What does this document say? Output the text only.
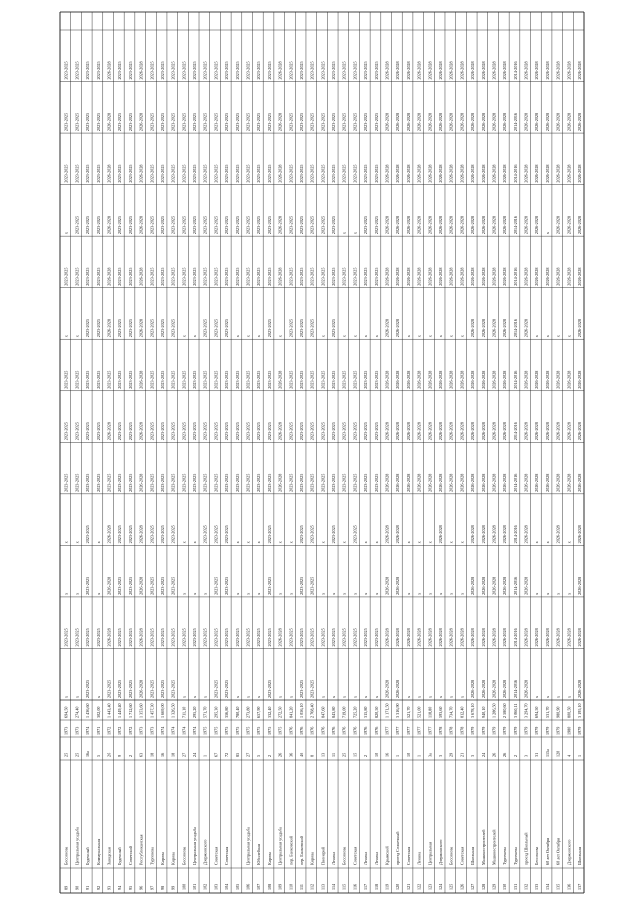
89
Бессонова
25
1973
694,50
x
2023-2025
x
x
2023-2025
2023-2025
2023-2025
x
2023-2025
x
2023-2025
2023-2025
2023-2025
90
Центральная усадьба
25
1973
274,40
x
2023-2025
x
x
2023-2025
2023-2025
2023-2025
x
2023-2025
2023-2025
2023-2025
2023-2025
2023-2025
91
Буденный
16а
1974
1 436,60
2023-2025
2023-2025
2023-2025
2023-2025
2023-2025
2023-2025
2023-2025
2023-2025
2023-2025
2023-2025
2023-2025
2023-2025
2023-2025
92
Коммунальная
5
1971
302,00
x
2023-2025
x
x
2023-2025
2023-2025
2023-2025
2023-2025
2023-2025
2023-2025
2023-2025
2023-2025
2023-2025
93
Заводская
2б
1972
1 443,40
2023-2025
2026-2028
2026-2028
2026-2028
2023-2025
2026-2028
2023-2025
2026-2028
2026-2028
2026-2028
2026-2028
2026-2028
2026-2028
94
Буденный
9
1972
1 449,40
2023-2025
2023-2025
2023-2025
2023-2025
2023-2025
2023-2025
2023-2025
2023-2025
2023-2025
2023-2025
2023-2025
2023-2025
2023-2025
95
Советский
2
1972
1 712,60
2023-2025
2023-2025
2023-2025
2023-2025
2023-2025
2023-2025
2023-2025
2023-2025
2023-2025
2023-2025
2023-2025
2023-2025
2023-2025
96
Республиканская
63
1973
1 353,60
2026-2028
2026-2028
2026-2028
2026-2028
2026-2028
2026-2028
2026-2028
2026-2028
2026-2028
2026-2028
2026-2028
2026-2028
2026-2028
97
Тургенева
18
1973
1 457,30
2023-2025
2023-2025
2023-2025
2023-2025
2023-2025
2023-2025
2023-2025
2023-2025
2023-2025
2023-2025
2023-2025
2023-2025
2023-2025
98
Кирова
16
1974
1 669,00
2023-2025
2023-2025
2023-2025
2023-2025
2023-2025
2023-2025
2023-2025
2023-2025
2023-2025
2023-2025
2023-2025
2023-2025
2023-2025
99
Кирова
18
1974
1 326,50
2023-2025
2023-2025
2023-2025
2023-2025
2023-2025
2023-2025
2023-2025
2023-2025
2023-2025
2023-2025
2023-2025
2023-2025
2023-2025
100
Бессонова
27
1974
711,10
x
2023-2025
x
x
2023-2025
2023-2025
2023-2025
x
2023-2025
2023-2025
2023-2025
2023-2025
2023-2025
101
Центральная усадьба
24
1974
295,20
x
2023-2025
x
x
2023-2025
2023-2025
2023-2025
x
2023-2025
2023-2025
2023-2025
2023-2025
2023-2025
102
Дзержинского
1
1975
571,70
x
2023-2025
x
2023-2025
2023-2025
2023-2025
2023-2025
2023-2025
2023-2025
2023-2025
2023-2025
2023-2025
2023-2025
103
Советская
67
1975
295,30
2023-2025
2023-2025
2023-2025
2023-2025
2023-2025
2023-2025
2023-2025
2023-2025
2023-2025
2023-2025
2023-2025
2023-2025
2023-2025
104
Советская
72
1975
356,80
2023-2025
2023-2025
2023-2025
2023-2025
2023-2025
2023-2025
2023-2025
2023-2025
2023-2025
2023-2025
2023-2025
2023-2025
2023-2025
105
85
1975
780,40
x
2023-2025
x
x
2023-2025
2023-2025
2023-2025
x
2023-2025
2023-2025
2023-2025
2023-2025
2023-2025
106
Центральная усадьба
27
1975
273,80
x
2023-2025
x
x
2023-2025
2023-2025
2023-2025
x
2023-2025
2023-2025
2023-2025
2023-2025
2023-2025
107
Юбилейная
5
1975
657,90
x
2023-2025
x
x
2023-2025
2023-2025
2023-2025
x
2023-2025
2023-2025
2023-2025
2023-2025
2023-2025
108
Кирова
2
1975
332,40
2023-2025
2023-2025
2023-2025
2023-2025
2023-2025
2023-2025
2023-2025
2023-2025
2023-2025
2023-2025
2023-2025
2023-2025
2023-2025
109
Центральная усадьба
26
1975
272,50
x
2026-2028
x
x
2026-2028
2026-2028
2026-2028
x
2026-2028
2026-2028
2026-2028
2026-2028
2026-2028
110
пер. Банковский
36
1976
841,20
x
2023-2025
x
x
2023-2025
2023-2025
2023-2025
2023-2025
2023-2025
2023-2025
2023-2025
2023-2025
2023-2025
111
пер. Банковский
4б
1976
1 056,10
2023-2025
2023-2025
2023-2025
2023-2025
2023-2025
2023-2025
2023-2025
2023-2025
2023-2025
2023-2025
2023-2025
2023-2025
2023-2025
112
Кирова
8
1976
2 768,40
2023-2025
2023-2025
2023-2025
2023-2025
2023-2025
2023-2025
2023-2025
2023-2025
2023-2025
2023-2025
2023-2025
2023-2025
2023-2025
113
Пионерий
13
1976
847,60
x
2023-2025
x
x
2023-2025
2023-2025
2023-2025
x
2023-2025
2023-2025
2023-2025
2023-2025
2023-2025
114
Ленина
11
1976
843,80
x
2023-2025
x
2023-2025
2023-2025
2023-2025
2023-2025
2023-2025
2023-2025
2023-2025
2023-2025
2023-2025
2023-2025
115
Бессонова
25
1976
719,00
x
2023-2025
x
x
2023-2025
2023-2025
2023-2025
x
2023-2025
x
2023-2025
2023-2025
2023-2025
116
Советская
15
1976
725,20
x
2023-2025
x
2023-2025
2023-2025
2023-2025
2023-2025
x
2023-2025
x
2023-2025
2023-2025
2023-2025
117
Ленина
2
1976
315,80
x
2023-2025
x
x
2023-2025
2023-2025
2023-2025
x
2023-2025
2023-2025
2023-2025
2023-2025
2023-2025
118
Ленина
10
1976
820,50
x
2023-2025
x
x
2023-2025
2023-2025
2023-2025
x
2023-2025
2023-2025
2023-2025
2023-2025
2023-2025
119
Крымский
16
1977
1 171,50
2026-2028
2026-2028
2026-2028
2026-2028
2026-2028
2026-2028
2026-2028
2026-2028
2026-2028
2026-2028
2026-2028
2026-2028
2026-2028
120
проезд Солнечный
1
1977
3 316,90
2026-2028
2026-2028
2026-2028
2026-2028
2026-2028
2026-2028
2026-2028
2026-2028
2026-2028
2026-2028
2026-2028
2026-2028
2026-2028
121
Советская
10
1977
521,70
x
2026-2028
x
x
2026-2028
2026-2028
2026-2028
x
2026-2028
2026-2028
2026-2028
2026-2028
2026-2028
122
Ленина
1
1977
521,00
x
2026-2028
x
x
2026-2028
2026-2028
2026-2028
x
2026-2028
2026-2028
2026-2028
2026-2028
2026-2028
123
Центральная
3а
1977
118,80
x
2026-2028
x
x
2026-2028
2026-2028
2026-2028
x
2026-2028
2026-2028
2026-2028
2026-2028
2026-2028
124
Дзержинского
3
1978
593,60
x
2026-2028
x
2026-2028
2026-2028
2026-2028
2026-2028
x
2026-2028
2026-2028
2026-2028
2026-2028
2026-2028
125
Бессонова
29
1978
734,70
x
2026-2028
x
x
2026-2028
2026-2028
2026-2028
x
2026-2028
2026-2028
2026-2028
2026-2028
2026-2028
126
Советская
21
1978
812,40
x
2026-2028
x
x
2026-2028
2026-2028
2026-2028
x
2026-2028
2026-2028
2026-2028
2026-2028
2026-2028
127
Школьная
3
1979
3 678,10
2026-2028
2026-2028
2026-2028
2026-2028
2026-2028
2026-2028
2026-2028
2026-2028
2026-2028
2026-2028
2026-2028
2026-2028
2026-2028
128
Машиностроителей
24
1979
940,10
2026-2028
2026-2028
2026-2028
2026-2028
2026-2028
2026-2028
2026-2028
2026-2028
2026-2028
2026-2028
2026-2028
2026-2028
2026-2028
129
Машиностроителей
26
1979
1 286,50
2026-2028
2026-2028
2026-2028
2026-2028
2026-2028
2026-2028
2026-2028
2026-2028
2026-2028
2026-2028
2026-2028
2026-2028
2026-2028
130
Тургенева
26
1979
2 580,60
2026-2028
2026-2028
2026-2028
2026-2028
2026-2028
2026-2028
2026-2028
2026-2028
2026-2028
2026-2028
2026-2028
2026-2028
2026-2028
131
Тургенева
2
1979
3 060,11
2014-2016
2014-2016
2014-2016
2014-2016
2014-2016
2014-2016
2014-2016
2014-2016
2014-2016
2014-2016
2014-2016
2014-2016
2014-2016
132
проезд Школьный
3
1979
3 294,70
2026-2028
2026-2028
2026-2028
2026-2028
2026-2028
2026-2028
2026-2028
2026-2028
2026-2028
2026-2028
2026-2028
2026-2028
2026-2028
133
Бессонова
31
1979
694,50
x
2026-2028
x
x
2026-2028
2026-2028
2026-2028
x
2026-2028
2026-2028
2026-2028
2026-2028
2026-2028
134
60 лет Октября
115а
1979
531,70
x
2026-2028
x
x
2026-2028
2026-2028
2026-2028
x
2026-2028
x
2026-2028
2026-2028
2026-2028
135
60 лет Октября
120
1979
980,90
x
2026-2028
x
2026-2028
2026-2028
2026-2028
2026-2028
x
2026-2028
2026-2028
2026-2028
2026-2028
2026-2028
136
Дзержинского
4
1980
800,50
x
2026-2028
x
x
2026-2028
2026-2028
2026-2028
x
2026-2028
2026-2028
2026-2028
2026-2028
2026-2028
137
Школьная
1
1979
3 195,10
2026-2028
2026-2028
2026-2028
2026-2028
2026-2028
2026-2028
2026-2028
2026-2028
2026-2028
2026-2028
2026-2028
2026-2028
2026-2028
